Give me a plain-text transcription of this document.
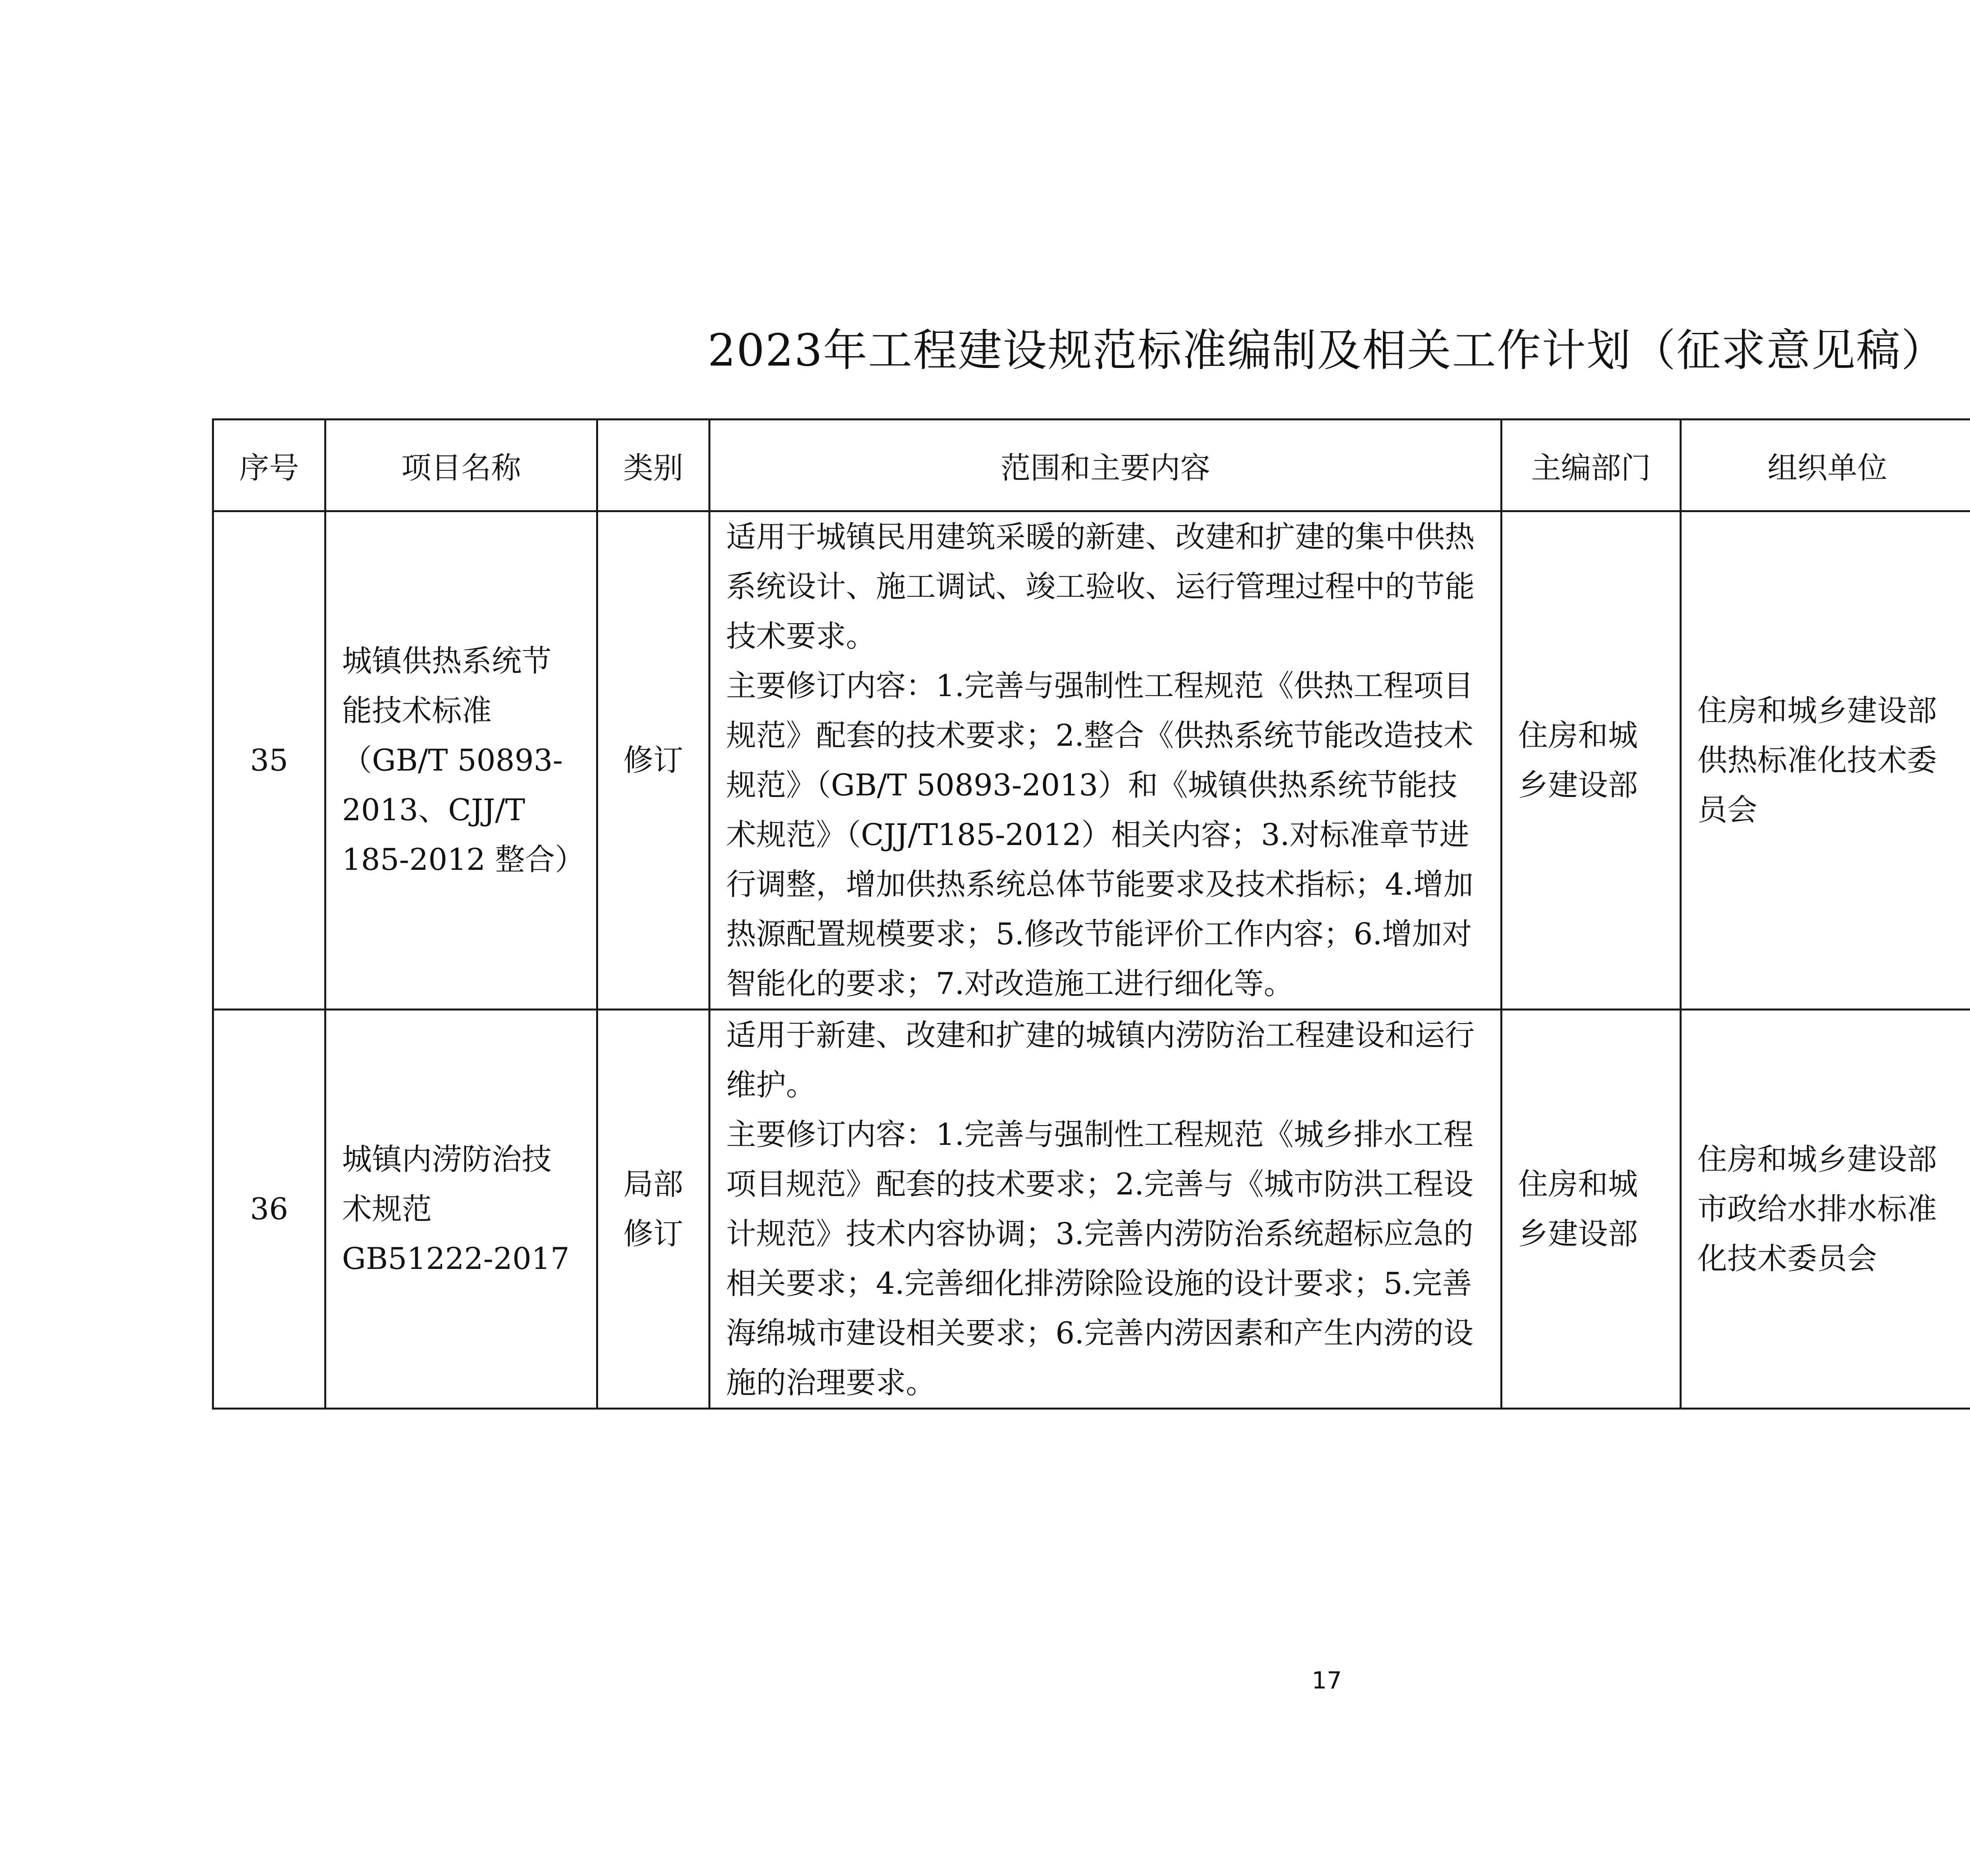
2023年工程建设规范标准编制及相关工作计划（征求意见稿）
序号	项目名称	类别	范围和主要内容	主编部门	组织单位		
35	城镇供热系统节能技术标准（GB/T 50893-2013、CJJ/T 185-2012 整合）	修订	适用于城镇民用建筑采暖的新建、改建和扩建的集中供热系统设计、施工调试、竣工验收、运行管理过程中的节能技术要求。
主要修订内容：1.完善与强制性工程规范《供热工程项目规范》配套的技术要求；2.整合《供热系统节能改造技术规范》（GB/T 50893-2013）和《城镇供热系统节能技术规范》（CJJ/T185-2012）相关内容；3.对标准章节进行调整，增加供热系统总体节能要求及技术指标；4.增加热源配置规模要求；5.修改节能评价工作内容；6.增加对智能化的要求；7.对改造施工进行细化等。	住房和城乡建设部	住房和城乡建设部供热标准化技术委员会		
36	城镇内涝防治技术规范 GB51222-2017	局部修订	适用于新建、改建和扩建的城镇内涝防治工程建设和运行维护。
主要修订内容：1.完善与强制性工程规范《城乡排水工程项目规范》配套的技术要求；2.完善与《城市防洪工程设计规范》技术内容协调；3.完善内涝防治系统超标应急的相关要求；4.完善细化排涝除险设施的设计要求；5.完善海绵城市建设相关要求；6.完善内涝因素和产生内涝的设施的治理要求。	住房和城乡建设部	住房和城乡建设部市政给水排水标准化技术委员会		
17
